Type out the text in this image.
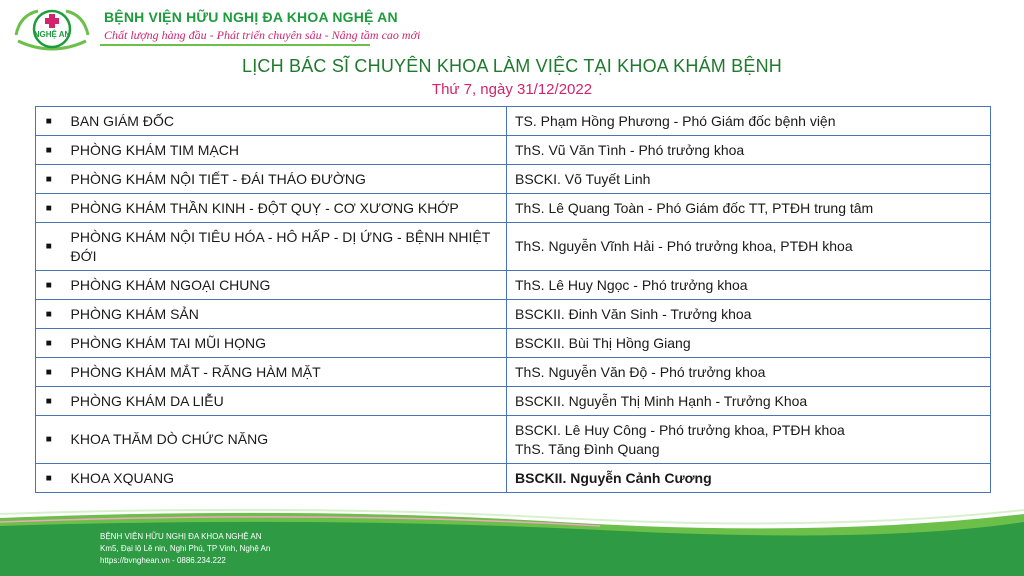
NGHỆ AN
BỆNH VIỆN HỮU NGHỊ ĐA KHOA NGHỆ AN
Chất lượng hàng đầu - Phát triển chuyên sâu - Nâng tầm cao mới
LỊCH BÁC SĨ CHUYÊN KHOA LÀM VIỆC TẠI KHOA KHÁM BỆNH
Thứ 7, ngày 31/12/2022
■	BAN GIÁM ĐỐC	TS. Phạm Hồng Phương - Phó Giám đốc bệnh viện
■	PHÒNG KHÁM TIM MẠCH	ThS. Vũ Văn Tình - Phó trưởng khoa
■	PHÒNG KHÁM NỘI TIẾT - ĐÁI THÁO ĐƯỜNG	BSCKI. Võ Tuyết Linh
■	PHÒNG KHÁM THẦN KINH - ĐỘT QUỴ - CƠ XƯƠNG KHỚP	ThS. Lê Quang Toàn - Phó Giám đốc TT, PTĐH trung tâm
■	PHÒNG KHÁM NỘI TIÊU HÓA - HÔ HẤP - DỊ ỨNG - BỆNH NHIỆT ĐỚI	ThS. Nguyễn Vĩnh Hải - Phó trưởng khoa, PTĐH khoa
■	PHÒNG KHÁM NGOẠI CHUNG	ThS. Lê Huy Ngọc - Phó trưởng khoa
■	PHÒNG KHÁM SẢN	BSCKII. Đinh Văn Sinh - Trưởng khoa
■	PHÒNG KHÁM TAI MŨI HỌNG	BSCKII. Bùi Thị Hồng Giang
■	PHÒNG KHÁM MẮT - RĂNG HÀM MẶT	ThS. Nguyễn Văn Độ - Phó trưởng khoa
■	PHÒNG KHÁM DA LIỄU	BSCKII. Nguyễn Thị Minh Hạnh - Trưởng Khoa
■	KHOA THĂM DÒ CHỨC NĂNG	BSCKI. Lê Huy Công - Phó trưởng khoa, PTĐH khoa
ThS. Tăng Đình Quang

■	KHOA XQUANG	BSCKII. Nguyễn Cảnh Cương
BỆNH VIỆN HỮU NGHỊ ĐA KHOA NGHỆ AN
Km5, Đại lộ Lê nin, Nghi Phú, TP Vinh, Nghệ An
https://bvnghean.vn - 0886.234.222
